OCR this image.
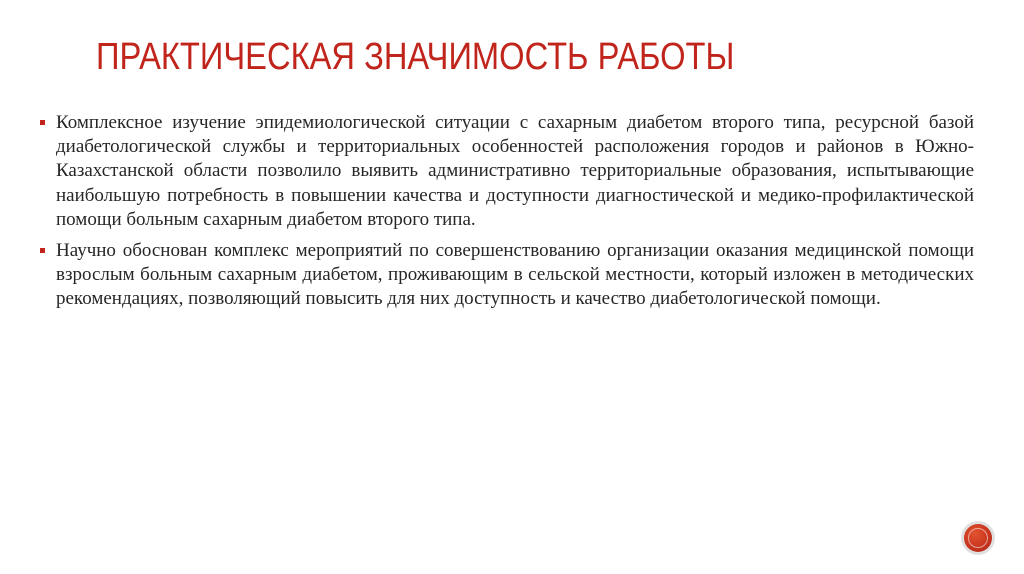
ПРАКТИЧЕСКАЯ ЗНАЧИМОСТЬ РАБОТЫ
Комплексное изучение эпидемиологической ситуации с сахарным диабетом второго типа, ресурсной базой диабетологической службы и территориальных особенностей расположения городов и районов в Южно-Казахстанской области позволило выявить административно территориальные образования, испытывающие наибольшую потребность в повышении качества и доступности диагностической и медико-профилактической помощи больным сахарным диабетом второго типа.
Научно обоснован комплекс мероприятий по совершенствованию организации оказания медицинской помощи взрослым больным сахарным диабетом, проживающим в сельской местности, который изложен в методических рекомендациях, позволяющий повысить для них доступность и качество диабетологической помощи.
